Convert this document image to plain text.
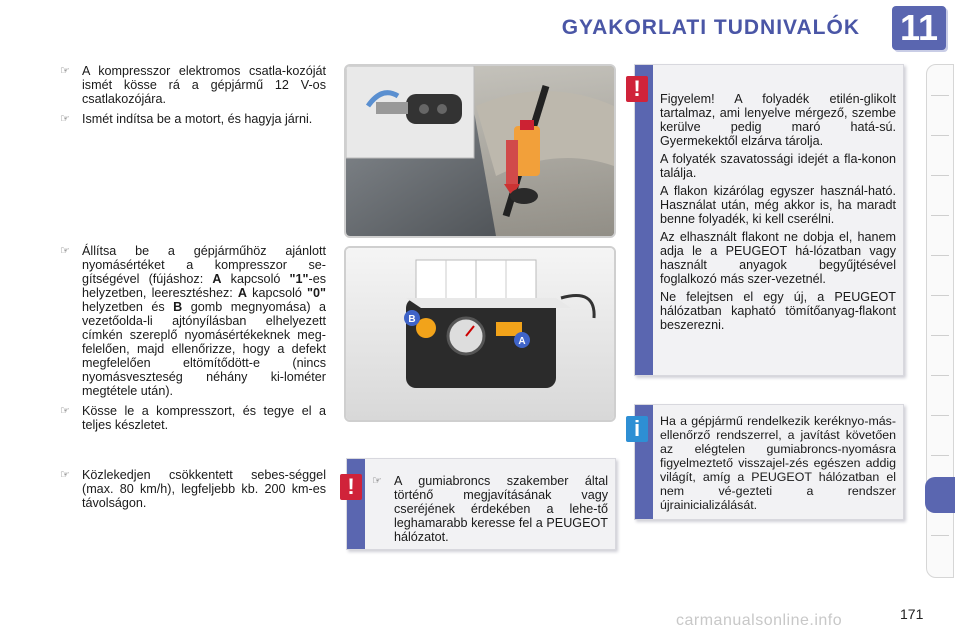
GYAKORLATI TUDNIVALÓK 11
☞ A kompresszor elektromos csatla-kozóját ismét kösse rá a gépjármű 12 V-os csatlakozójára.
☞ Ismét indítsa be a motort, és hagyja járni.
☞ Állítsa be a gépjárműhöz ajánlott nyomásértéket a kompresszor se-gítségével (fújáshoz: A kapcsoló "1"-es helyzetben, leeresztéshez: A kapcsoló "0" helyzetben és B gomb megnyomása) a vezetőolda-li ajtónyílásban elhelyezett címkén szereplő nyomásértékeknek meg-felelően, majd ellenőrizze, hogy a defekt megfelelően eltömítődött-e (nincs nyomásveszteség néhány ki-lométer megtétele után).
☞ Kösse le a kompresszort, és tegye el a teljes készletet.
☞ Közlekedjen csökkentett sebes-séggel (max. 80 km/h), legfeljebb kb. 200 km-es távolságon.
B
A
!	Figyelem! A folyadék etilén-glikolt tartalmaz, ami lenyelve mérgező, szembe kerülve pedig maró hatá-sú. Gyermekektől elzárva tárolja.

A folyaték szavatossági idejét a fla-konon találja.

A flakon kizárólag egyszer használ-ható. Használat után, még akkor is, ha maradt benne folyadék, ki kell cserélni.

Az elhasznált flakont ne dobja el, hanem adja le a PEUGEOT há-lózatban vagy használt anyagok begyűjtésével foglalkozó más szer-vezetnél.

Ne felejtsen el egy új, a PEUGEOT hálózatban kapható tömítőanyag-flakont beszerezni.

i	Ha a gépjármű rendelkezik keréknyo-más-ellenőrző rendszerrel, a javítást követően az elégtelen gumiabroncs-nyomásra figyelmeztető visszajel-zés egészen addig világít, amíg a PEUGEOT hálózatban el nem vé-gezteti a rendszer újrainicializálását.

!	☞ A gumiabroncs szakember által történő megjavításának vagy cseréjének érdekében a lehe-tő leghamarabb keresse fel a PEUGEOT hálózatot.
carmanualsonline.info	171
